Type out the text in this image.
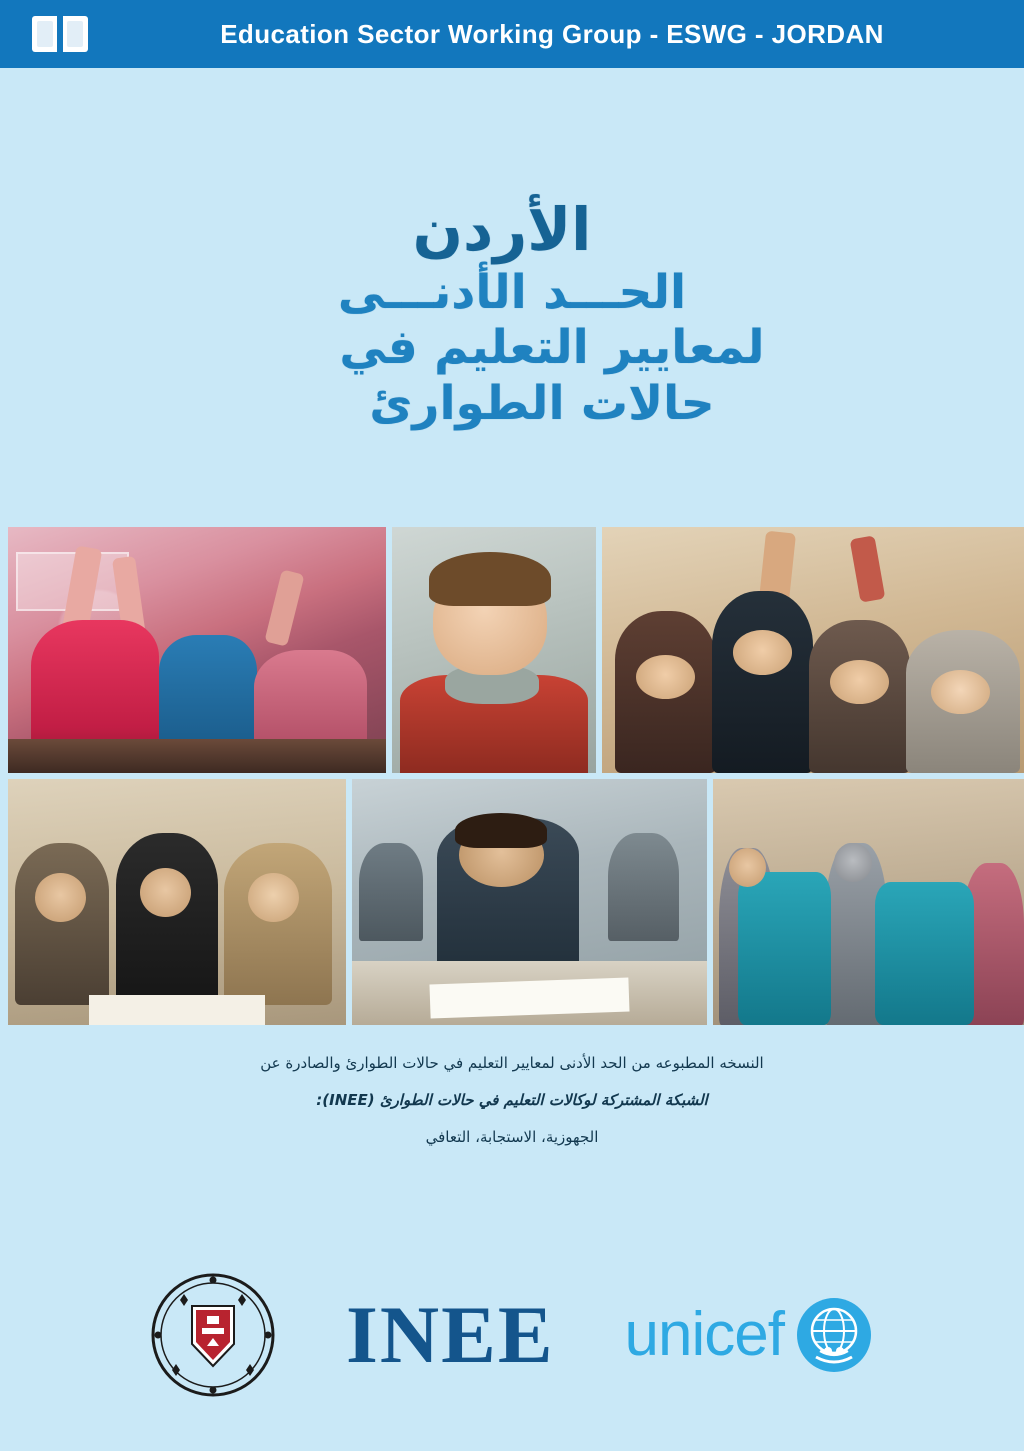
Education Sector Working Group - ESWG - JORDAN
الأردن
الحـــد الأدنـــى
لمعايير التعليم في
حالات الطوارئ
النسخه المطبوعه من الحد الأدنى لمعايير التعليم في حالات الطوارئ والصادرة عن
الشبكة المشتركة لوكالات التعليم في حالات الطوارئ (INEE):
الجهوزية، الاستجابة، التعافي
INEE unicef
